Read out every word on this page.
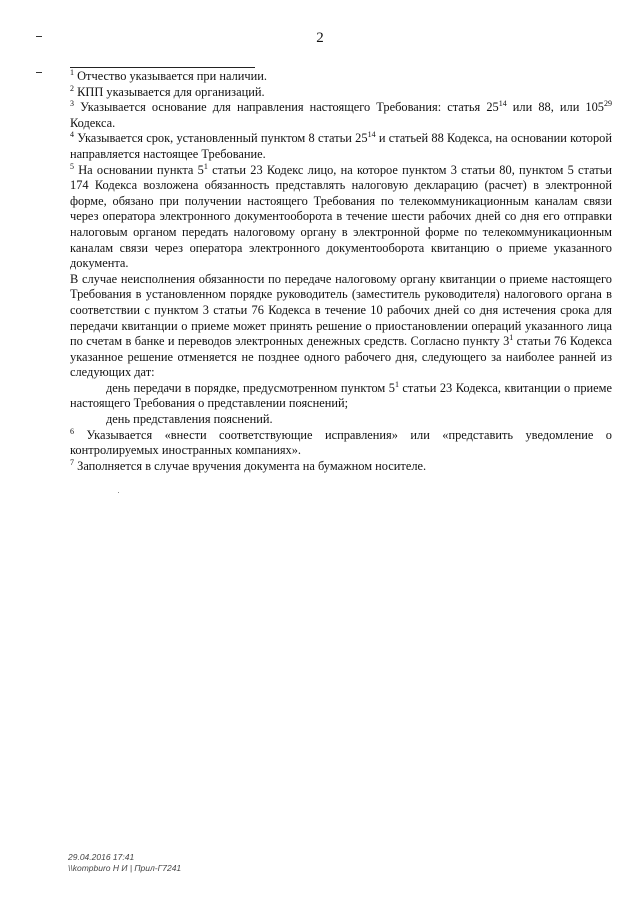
2

$^1$ Отчество указывается при наличии.

$^2$ КПП указывается для организаций.

$^3$ Указывается основание для направления настоящего Требования: статья $25^{14}$ или 88, или $105^{29}$ Кодекса.

$^4$ Указывается срок, установленный пунктом 8 статьи $25^{14}$ и статьей 88 Кодекса, на основании которой направляется настоящее Требование.

$^5$ На основании пункта $5^1$ статьи 23 Кодекс лицо, на которое пунктом 3 статьи 80, пунктом 5 статьи 174 Кодекса возложена обязанность представлять налоговую декларацию (расчет) в электронной форме, обязано при получении настоящего Требования по телекоммуникационным каналам связи через оператора электронного документооборота в течение шести рабочих дней со дня его отправки налоговым органом передать налоговому органу в электронной форме по телекоммуникационным каналам связи через оператора электронного документооборота квитанцию о приеме указанного документа.

В случае неисполнения обязанности по передаче налоговому органу квитанции о приеме настоящего Требования в установленном порядке руководитель (заместитель руководителя) налогового органа в соответствии с пунктом 3 статьи 76 Кодекса в течение 10 рабочих дней со дня истечения срока для передачи квитанции о приеме может принять решение о приостановлении операций указанного лица по счетам в банке и переводов электронных денежных средств. Согласно пункту $3^1$ статьи 76 Кодекса указанное решение отменяется не позднее одного рабочего дня, следующего за наиболее ранней из следующих дат:

день передачи в порядке, предусмотренном пунктом $5^1$ статьи 23 Кодекса, квитанции о приеме настоящего Требования о представлении пояснений;

день представления пояснений.

$^6$ Указывается «внести соответствующие исправления» или «представить уведомление о контролируемых иностранных компаниях».

$^7$ Заполняется в случае вручения документа на бумажном носителе.

29.04.2016 17:41
\\kompburo Н И | Прил-Г7241
